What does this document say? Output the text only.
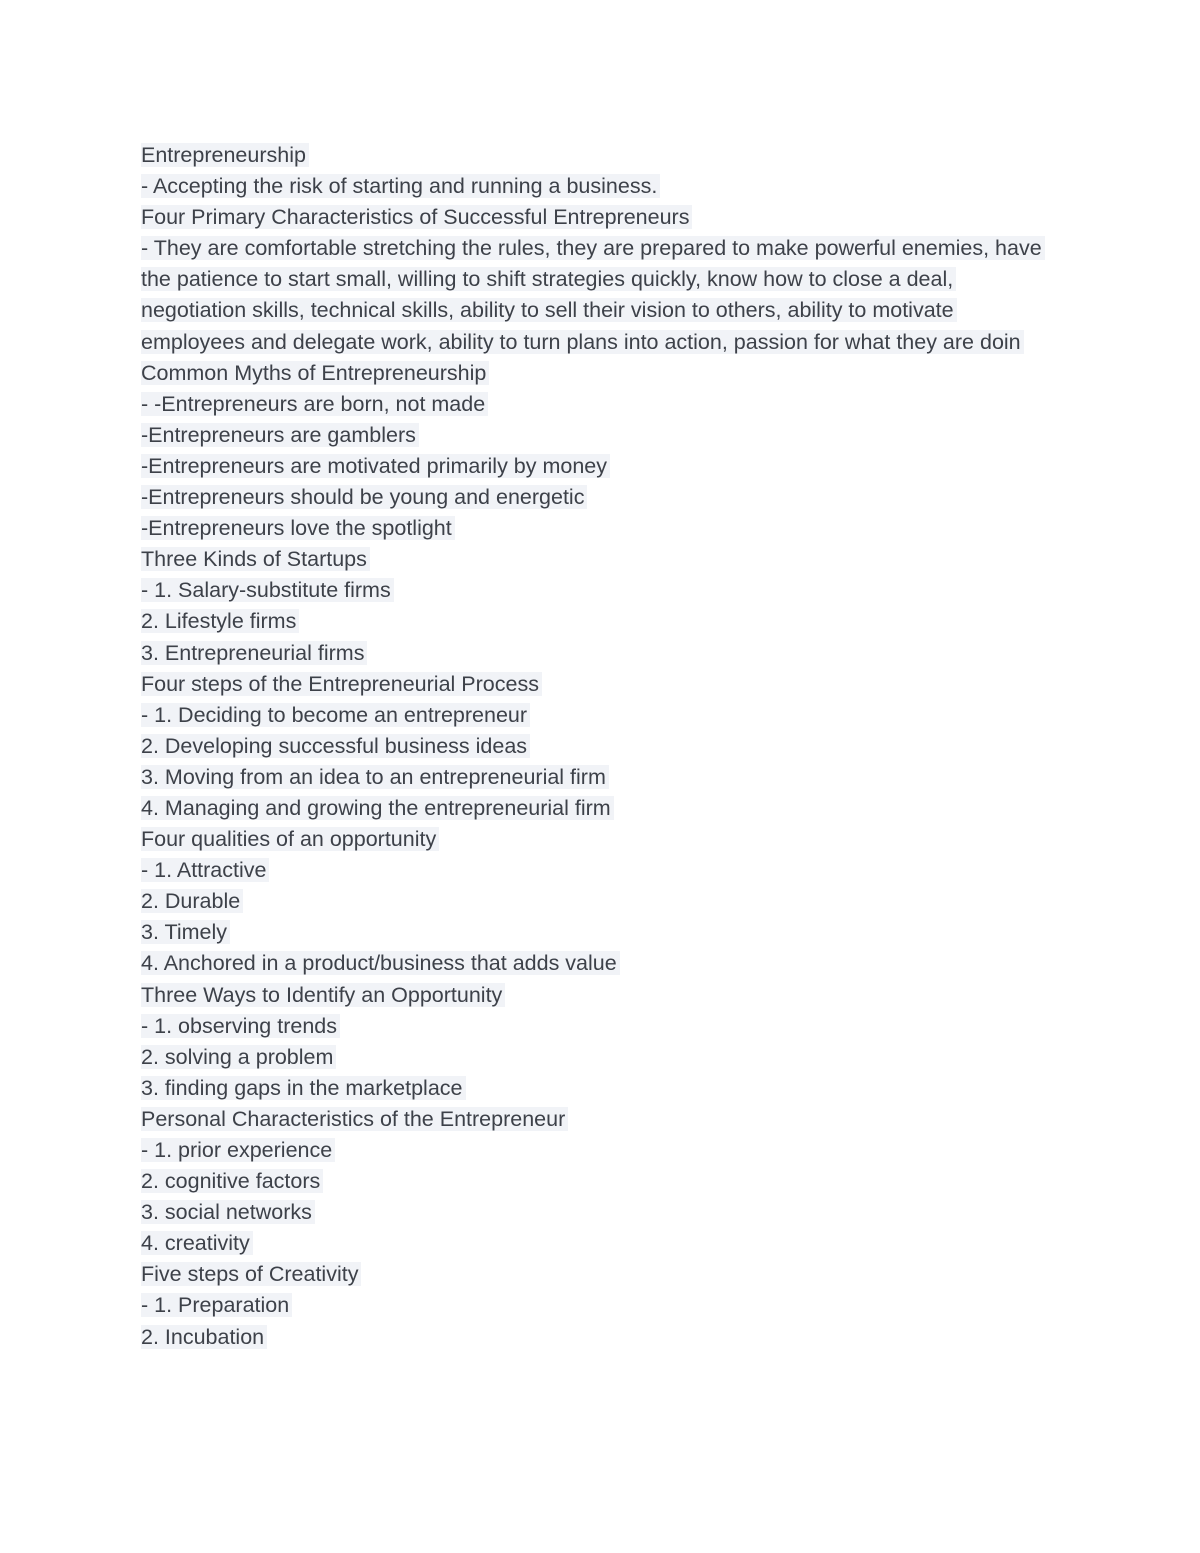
Entrepreneurship
- Accepting the risk of starting and running a business.
Four Primary Characteristics of Successful Entrepreneurs
- They are comfortable stretching the rules, they are prepared to make powerful enemies, have the patience to start small, willing to shift strategies quickly, know how to close a deal, negotiation skills, technical skills, ability to sell their vision to others, ability to motivate employees and delegate work, ability to turn plans into action, passion for what they are doin
Common Myths of Entrepreneurship
- -Entrepreneurs are born, not made
-Entrepreneurs are gamblers
-Entrepreneurs are motivated primarily by money
-Entrepreneurs should be young and energetic
-Entrepreneurs love the spotlight
Three Kinds of Startups
- 1. Salary-substitute firms
2. Lifestyle firms
3. Entrepreneurial firms
Four steps of the Entrepreneurial Process
- 1. Deciding to become an entrepreneur
2. Developing successful business ideas
3. Moving from an idea to an entrepreneurial firm
4. Managing and growing the entrepreneurial firm
Four qualities of an opportunity
- 1. Attractive
2. Durable
3. Timely
4. Anchored in a product/business that adds value
Three Ways to Identify an Opportunity
- 1. observing trends
2. solving a problem
3. finding gaps in the marketplace
Personal Characteristics of the Entrepreneur
- 1. prior experience
2. cognitive factors
3. social networks
4. creativity
Five steps of Creativity
- 1. Preparation
2. Incubation
